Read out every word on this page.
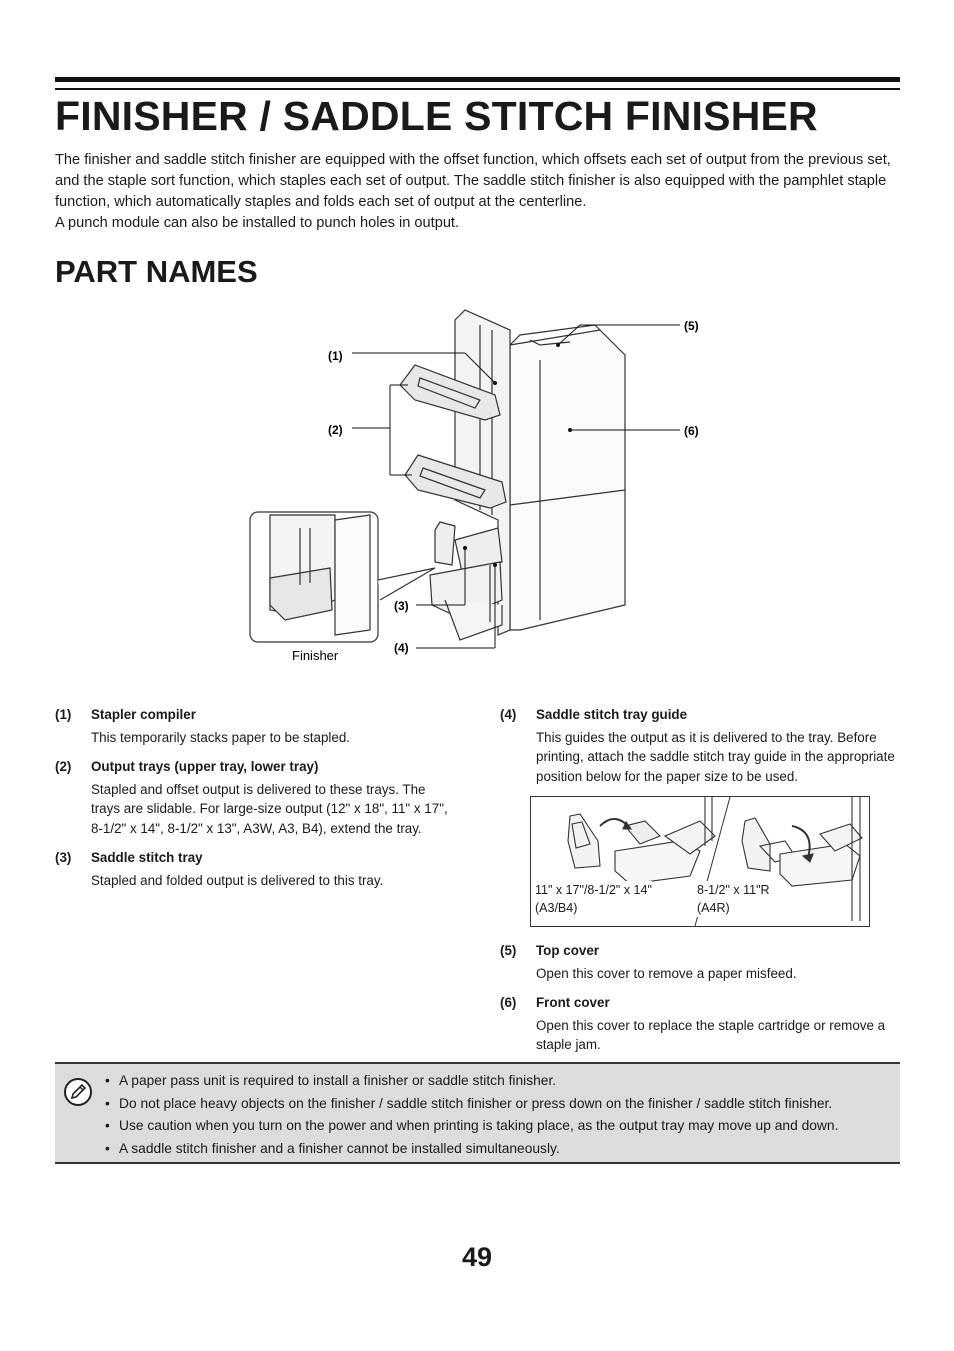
FINISHER / SADDLE STITCH FINISHER

The finisher and saddle stitch finisher are equipped with the offset function, which offsets each set of output from the previous set, and the staple sort function, which staples each set of output. The saddle stitch finisher is also equipped with the pamphlet staple function, which automatically staples and folds each set of output at the centerline.

A punch module can also be installed to punch holes in output.

PART NAMES
(1)
(2)
(3)
(4)
(5)
(6)
Finisher
(1) Stapler compiler
This temporarily stacks paper to be stapled.
(2) Output trays (upper tray, lower tray)
Stapled and offset output is delivered to these trays. The trays are slidable. For large-size output (12" x 18", 11" x 17", 8-1/2" x 14", 8-1/2" x 13", A3W, A3, B4), extend the tray.
(3) Saddle stitch tray
Stapled and folded output is delivered to this tray.
(4) Saddle stitch tray guide
This guides the output as it is delivered to the tray. Before printing, attach the saddle stitch tray guide in the appropriate position below for the paper size to be used.
11" x 17"/8-1/2" x 14"
(A3/B4)
8-1/2" x 11"R
(A4R)
(5) Top cover
Open this cover to remove a paper misfeed.
(6) Front cover
Open this cover to replace the staple cartridge or remove a staple jam.
• A paper pass unit is required to install a finisher or saddle stitch finisher.
• Do not place heavy objects on the finisher / saddle stitch finisher or press down on the finisher / saddle stitch finisher.
• Use caution when you turn on the power and when printing is taking place, as the output tray may move up and down.
• A saddle stitch finisher and a finisher cannot be installed simultaneously.
49
